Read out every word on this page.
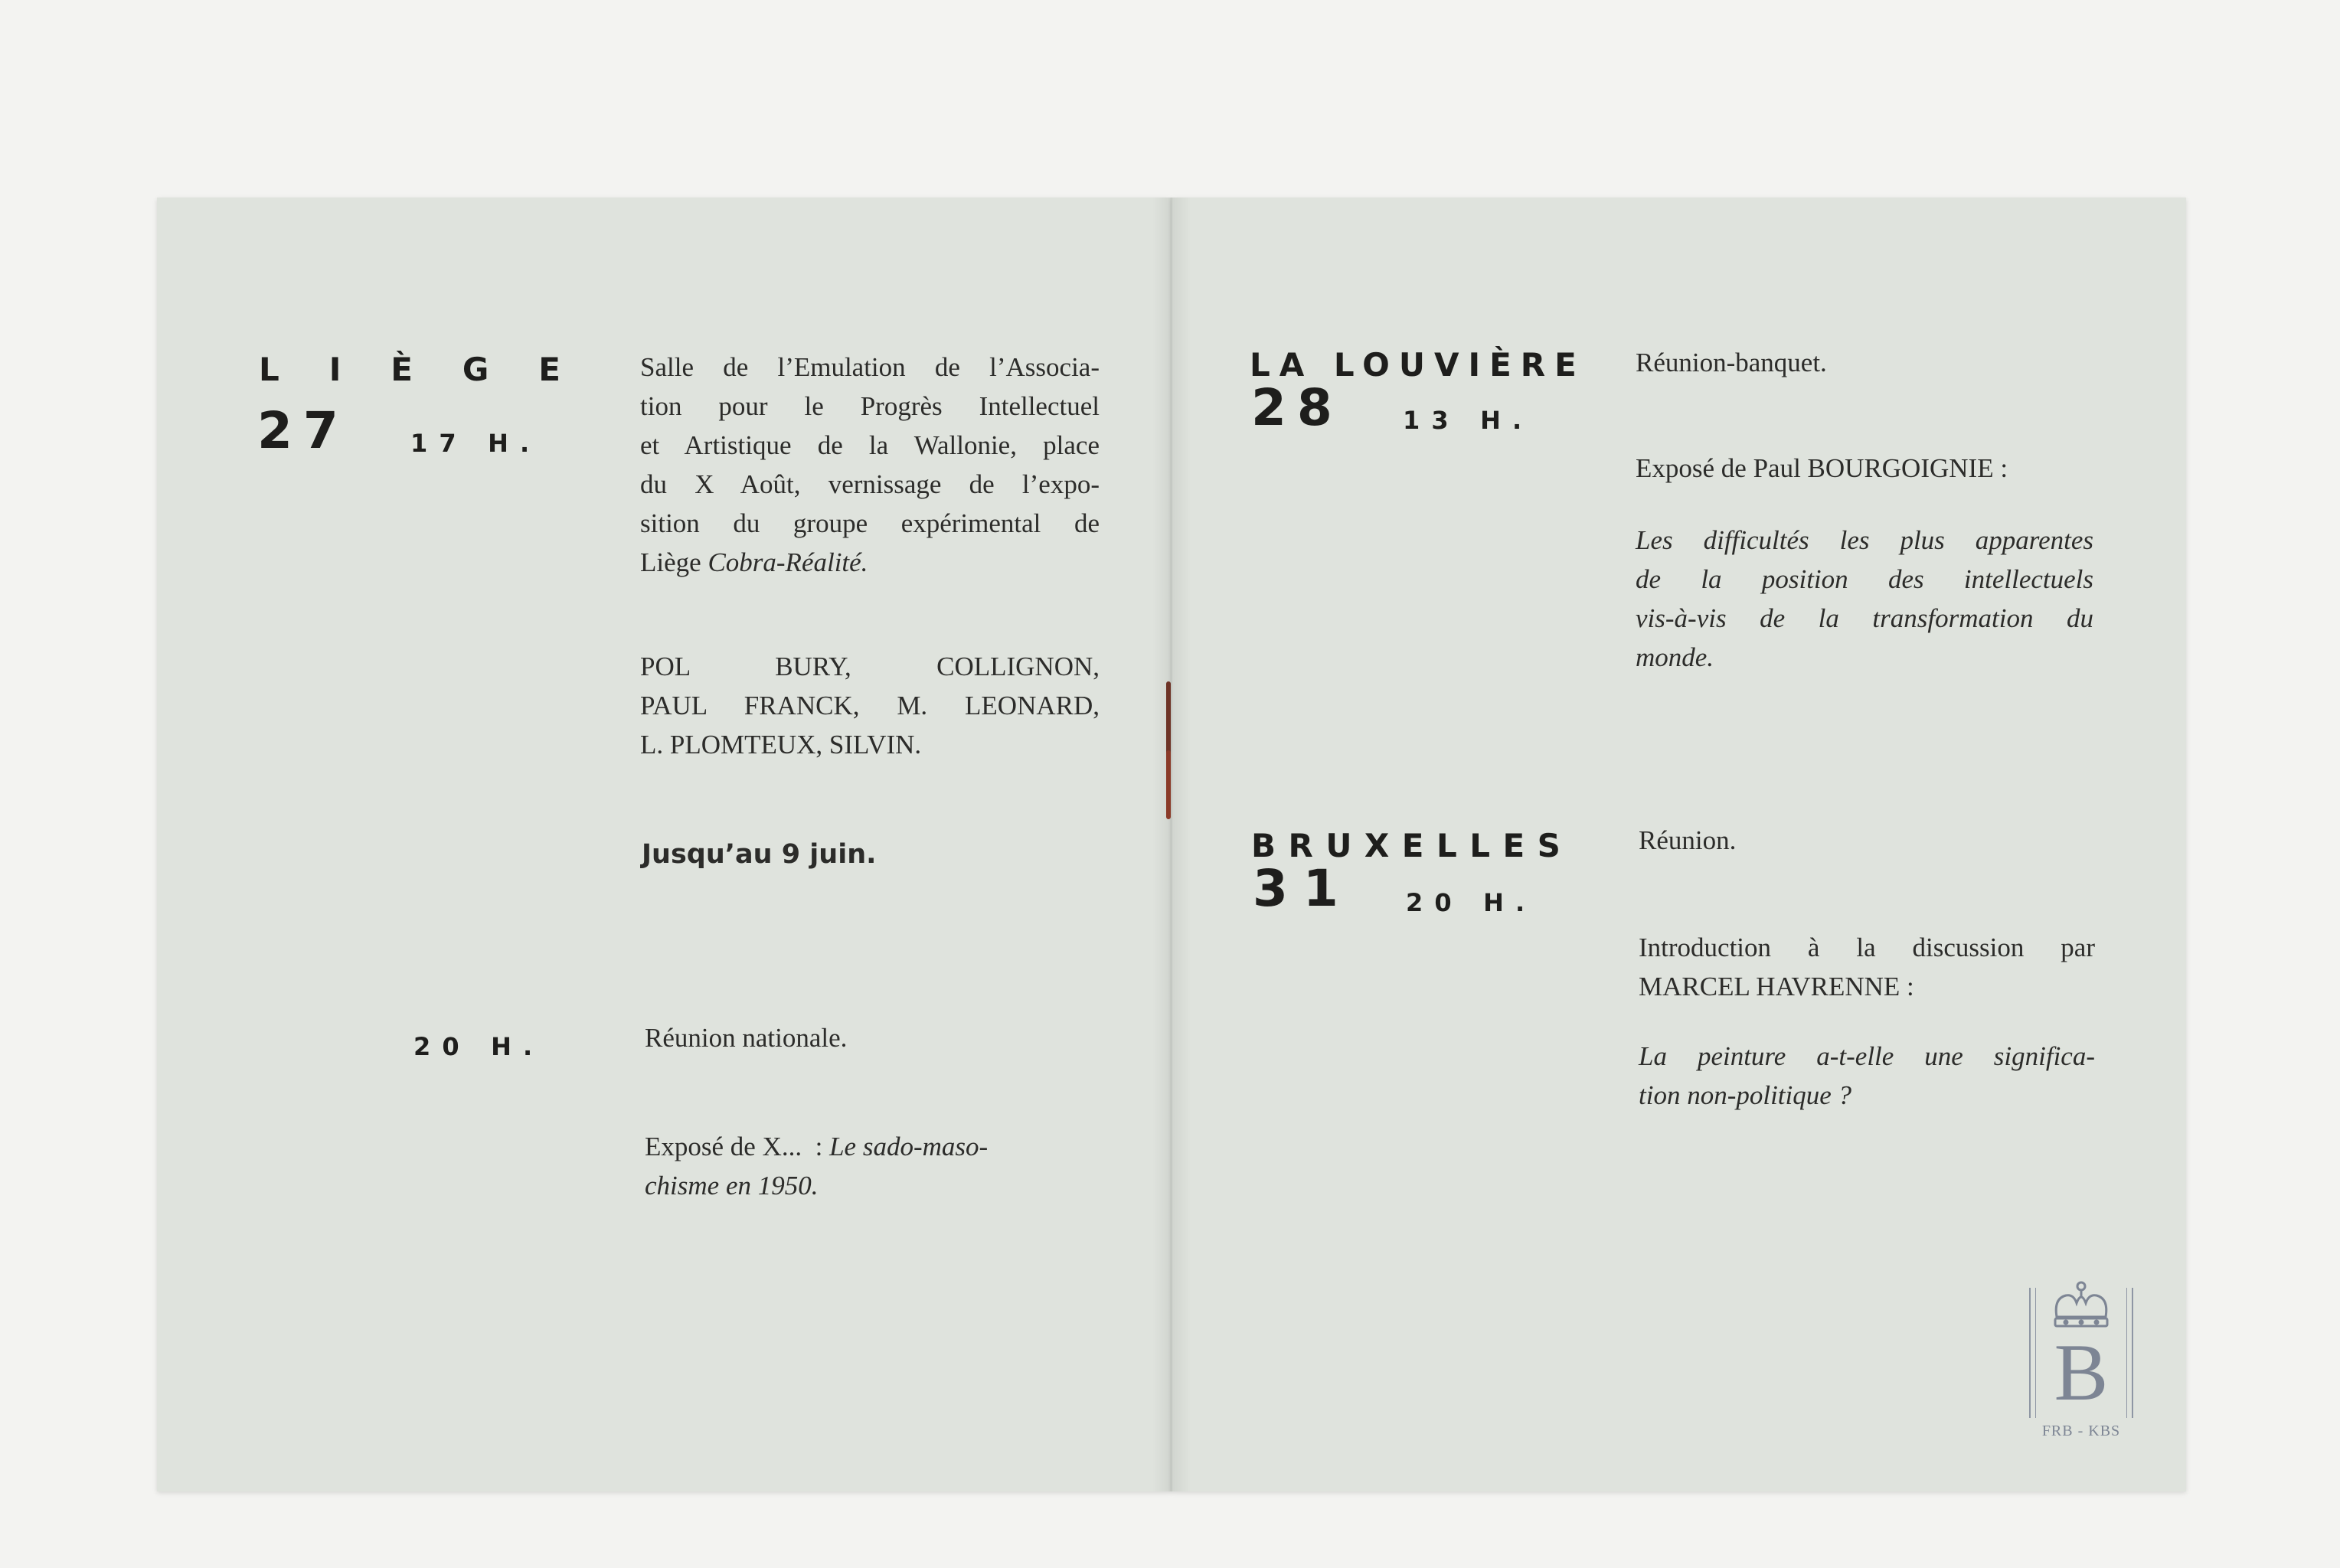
L I È G E
27	1 7   H .
Salle de l’Emulation de l’Associa-
tion pour le Progrès Intellectuel
et Artistique de la Wallonie, place
du X Août, vernissage de l’expo-
sition du groupe expérimental de
Liège Cobra-Réalité.
POL BURY, COLLIGNON,
PAUL FRANCK, M. LEONARD,
L. PLOMTEUX, SILVIN.
Jusqu’au 9 juin.
2 0   H .	Réunion nationale.
Exposé de X...  : Le sado-maso-
chisme en 1950.
LA LOUVIÈRE
28 1 3   H .
Réunion-banquet.
Exposé de Paul BOURGOIGNIE :
Les difficultés les plus apparentes
de la position des intellectuels
vis-à-vis de la transformation du
monde.
B R U X E L L E S
31 2 0   H .
Réunion.
Introduction à la discussion par
MARCEL HAVRENNE :
La peinture a-t-elle une significa-
tion non-politique ?
B
FRB - KBS
